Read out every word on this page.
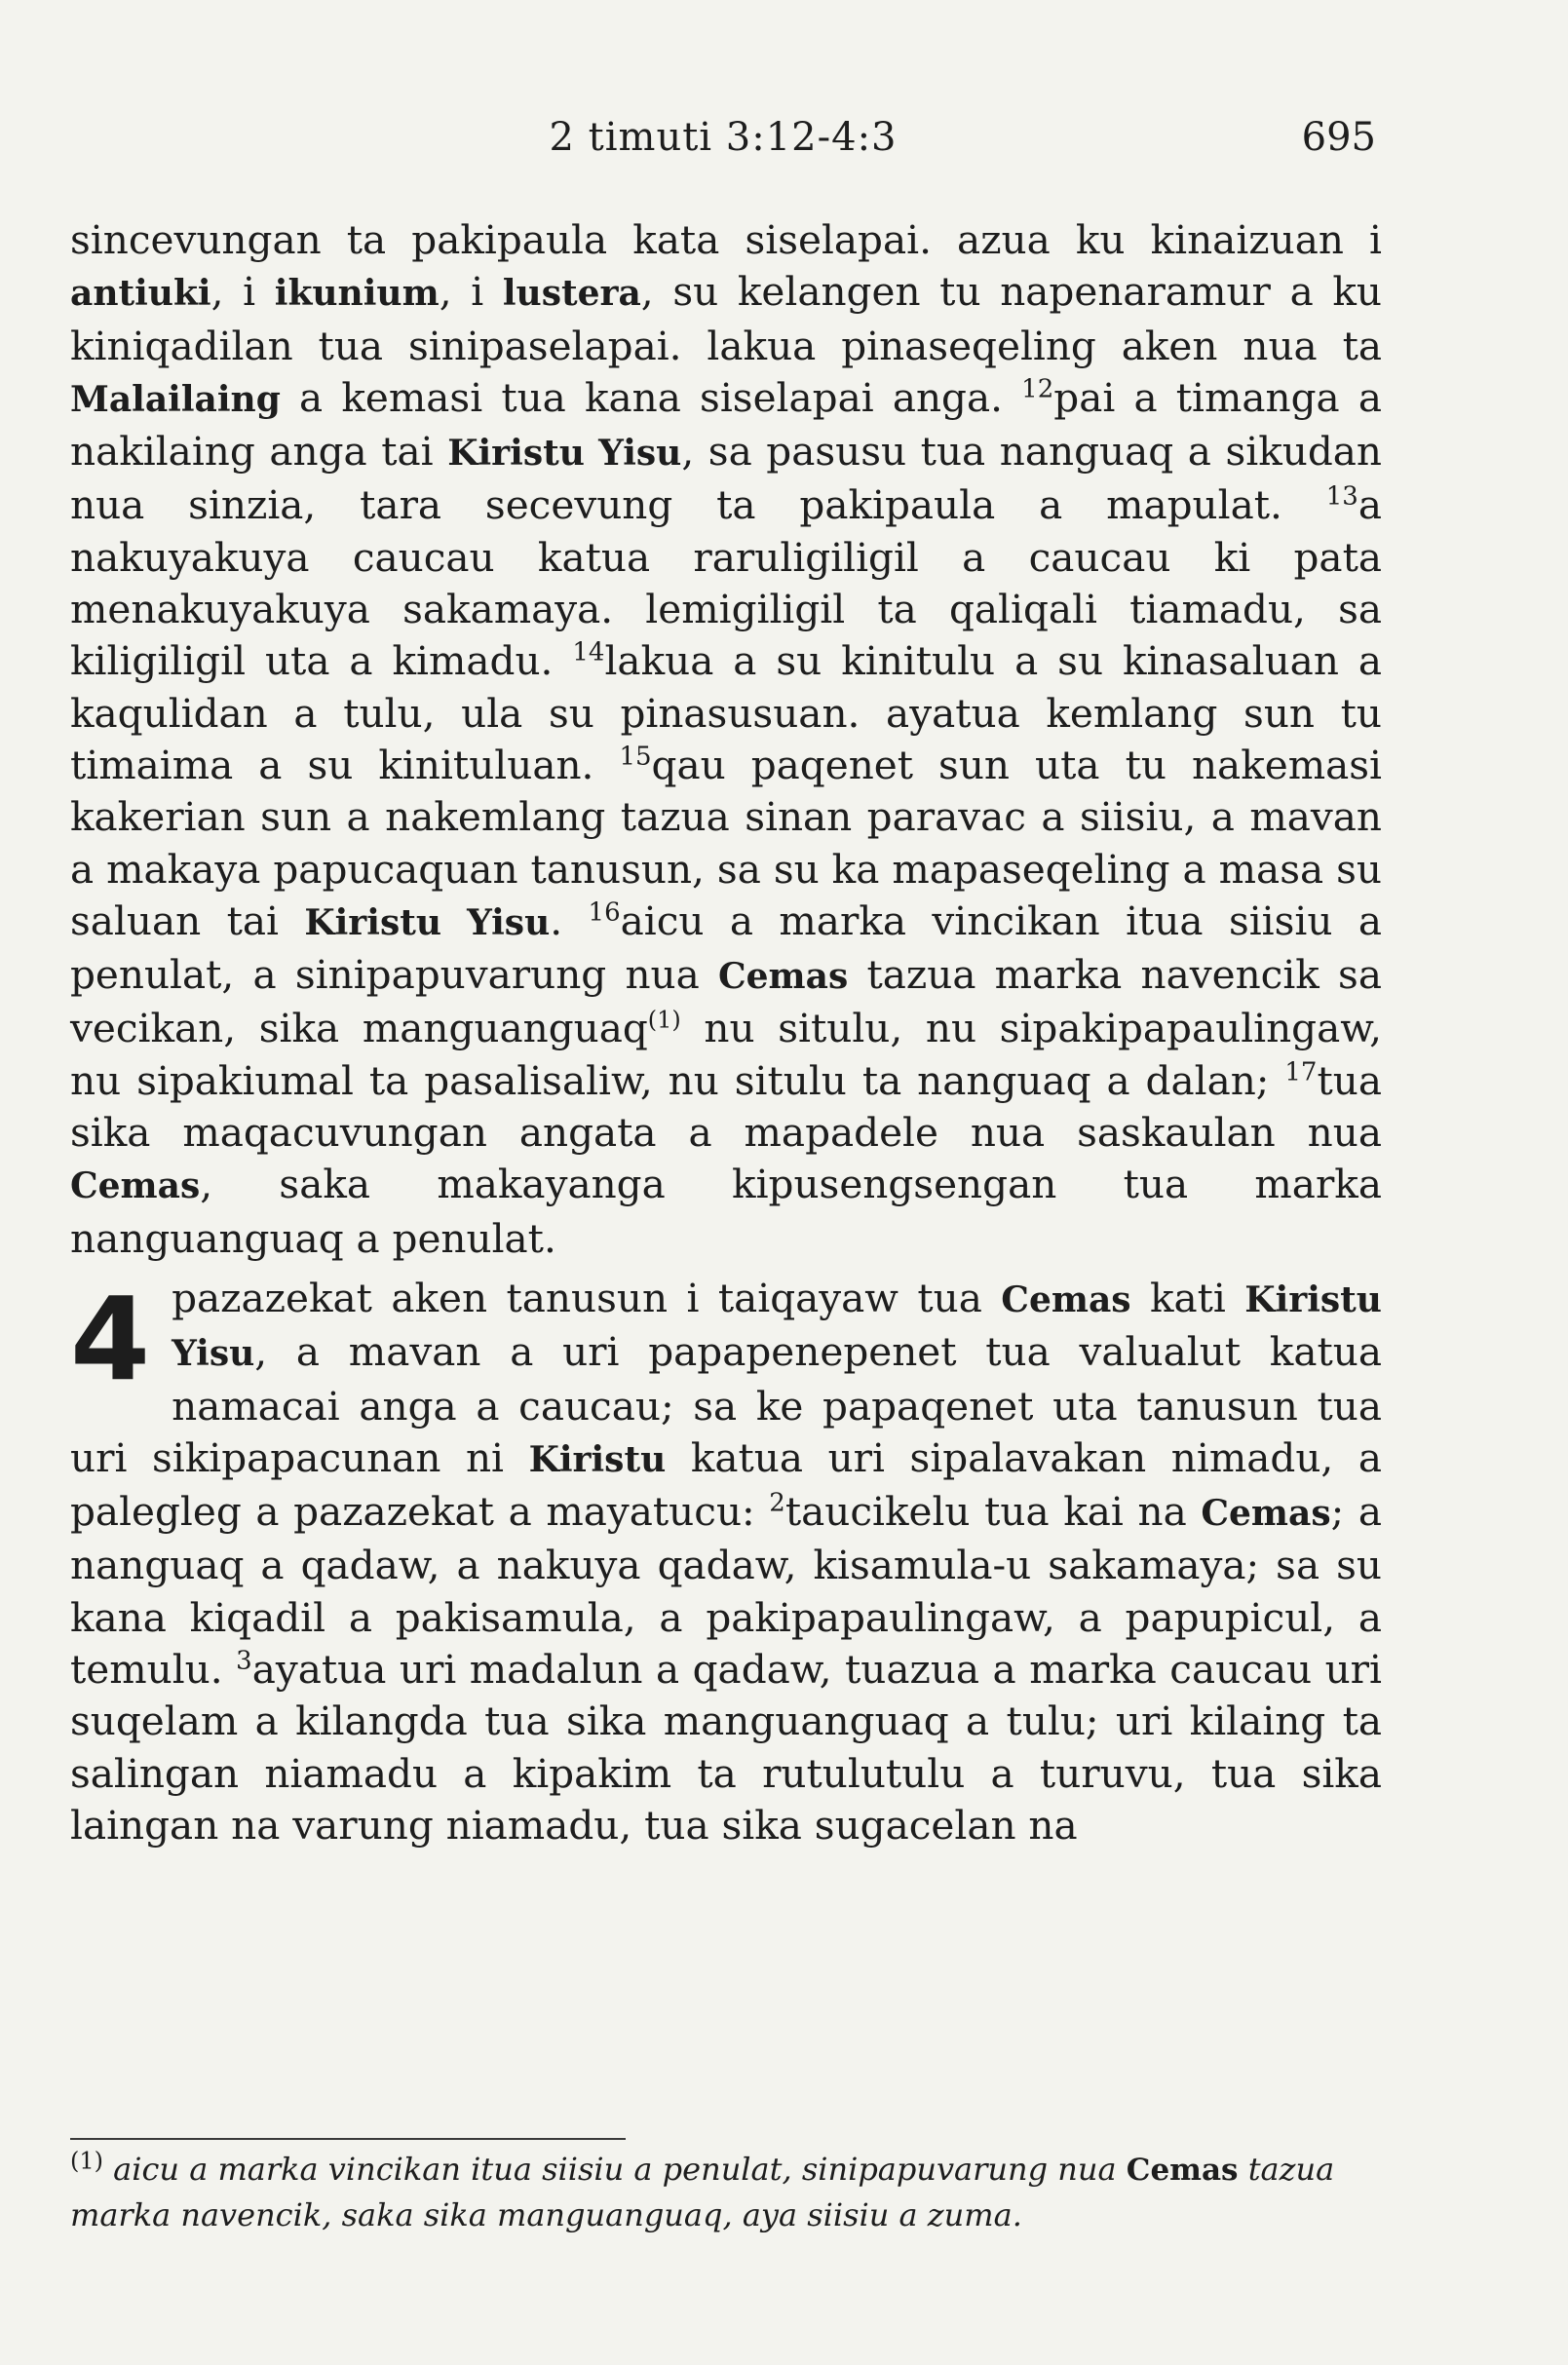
2 timuti 3:12-4:3	695

sincevungan ta pakipaula kata siselapai. azua ku kinaizuan i antiuki, i ikunium, i lustera, su kelangen tu napenaramur a ku kiniqadilan tua sinipaselapai. lakua pinaseqeling aken nua ta Malailaing a kemasi tua kana siselapai anga. $^{12}$pai a timanga a nakilaing anga tai Kiristu Yisu, sa pasusu tua nanguaq a sikudan nua sinzia, tara secevung ta pakipaula a mapulat. $^{13}$a nakuyakuya caucau katua raruligiligil a caucau ki pata menakuyakuya sakamaya. lemigiligil ta qaliqali tiamadu, sa kiligiligil uta a kimadu. $^{14}$lakua a su kinitulu a su kinasaluan a kaqulidan a tulu, ula su pinasusuan. ayatua kemlang sun tu timaima a su kinituluan. $^{15}$qau paqenet sun uta tu nakemasi kakerian sun a nakemlang tazua sinan paravac a siisiu, a mavan a makaya papucaquan tanusun, sa su ka mapaseqeling a masa su saluan tai Kiristu Yisu. $^{16}$aicu a marka vincikan itua siisiu a penulat, a sinipapuvarung nua Cemas tazua marka navencik sa vecikan, sika manguanguaq$^{(1)}$ nu situlu, nu sipakipapaulingaw, nu sipakiumal ta pasalisaliw, nu situlu ta nanguaq a dalan; $^{17}$tua sika maqacuvungan angata a mapadele nua saskaulan nua Cemas, saka makayanga kipusengsengan tua marka nanguanguaq a penulat.

4 pazazekat aken tanusun i taiqayaw tua Cemas kati Kiristu Yisu, a mavan a uri papapenepenet tua valualut katua namacai anga a caucau; sa ke papaqenet uta tanusun tua uri sikipapacunan ni Kiristu katua uri sipalavakan nimadu, a palegleg a pazazekat a mayatucu: $^2$taucikelu tua kai na Cemas; a nanguaq a qadaw, a nakuya qadaw, kisamula-u sakamaya; sa su kana kiqadil a pakisamula, a pakipapaulingaw, a papupicul, a temulu. $^3$ayatua uri madalun a qadaw, tuazua a marka caucau uri suqelam a kilangda tua sika manguanguaq a tulu; uri kilaing ta salingan niamadu a kipakim ta rutulutulu a turuvu, tua sika laingan na varung niamadu, tua sika sugacelan na

$^{(1)}$ aicu a marka vincikan itua siisiu a penulat, sinipapuvarung nua Cemas tazua marka navencik, saka sika manguanguaq, aya siisiu a zuma.
